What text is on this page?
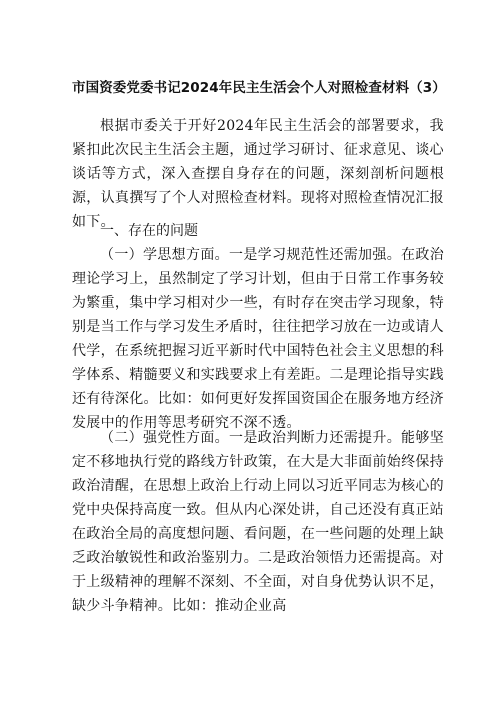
市国资委党委书记2024年民主生活会个人对照检查材料（3）
根据市委关于开好2024年民主生活会的部署要求，我紧扣此次民主生活会主题，通过学习研讨、征求意见、谈心谈话等方式，深入查摆自身存在的问题，深刻剖析问题根源，认真撰写了个人对照检查材料。现将对照检查情况汇报如下。
一、存在的问题
（一）学思想方面。一是学习规范性还需加强。在政治理论学习上，虽然制定了学习计划，但由于日常工作事务较为繁重，集中学习相对少一些，有时存在突击学习现象，特别是当工作与学习发生矛盾时，往往把学习放在一边或请人代学，在系统把握习近平新时代中国特色社会主义思想的科学体系、精髓要义和实践要求上有差距。二是理论指导实践还有待深化。比如：如何更好发挥国资国企在服务地方经济发展中的作用等思考研究不深不透。
（二）强党性方面。一是政治判断力还需提升。能够坚定不移地执行党的路线方针政策，在大是大非面前始终保持政治清醒，在思想上政治上行动上同以习近平同志为核心的党中央保持高度一致。但从内心深处讲，自己还没有真正站在政治全局的高度想问题、看问题，在一些问题的处理上缺乏政治敏锐性和政治鉴别力。二是政治领悟力还需提高。对于上级精神的理解不深刻、不全面，对自身优势认识不足，缺少斗争精神。比如：推动企业高
